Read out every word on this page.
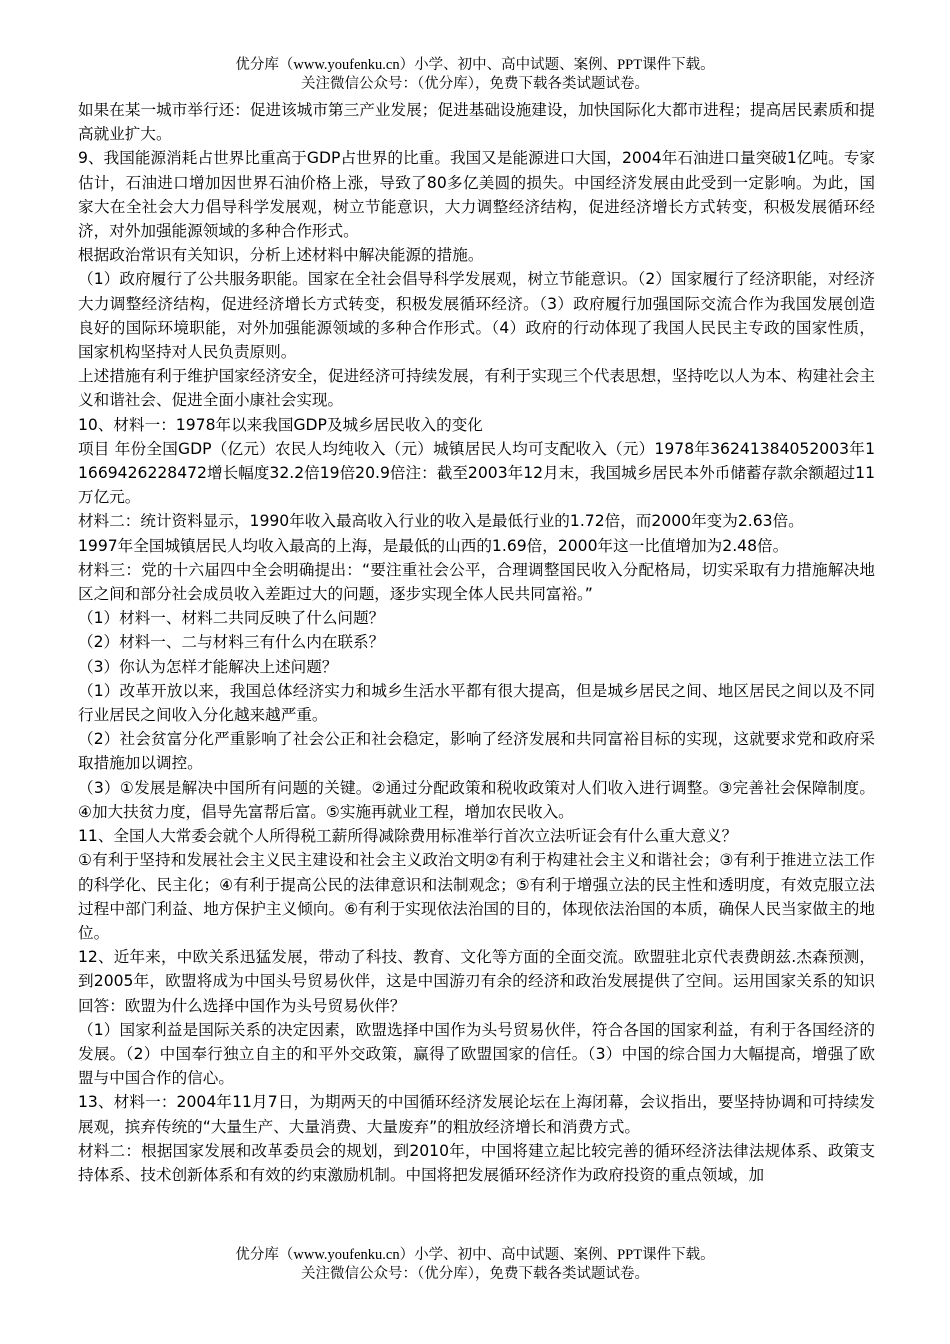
优分库（www.youfenku.cn）小学、初中、高中试题、案例、PPT课件下载。
关注微信公众号：（优分库），免费下载各类试题试卷。

如果在某一城市举行还：促进该城市第三产业发展；促进基础设施建设，加快国际化大都市进程；提高居民素质和提高就业扩大。

9、我国能源消耗占世界比重高于GDP占世界的比重。我国又是能源进口大国，2004年石油进口量突破1亿吨。专家估计，石油进口增加因世界石油价格上涨，导致了80多亿美圆的损失。中国经济发展由此受到一定影响。为此，国家大在全社会大力倡导科学发展观，树立节能意识，大力调整经济结构，促进经济增长方式转变，积极发展循环经济，对外加强能源领域的多种合作形式。

根据政治常识有关知识，分析上述材料中解决能源的措施。

（1）政府履行了公共服务职能。国家在全社会倡导科学发展观，树立节能意识。（2）国家履行了经济职能，对经济大力调整经济结构，促进经济增长方式转变，积极发展循环经济。（3）政府履行加强国际交流合作为我国发展创造良好的国际环境职能，对外加强能源领域的多种合作形式。（4）政府的行动体现了我国人民民主专政的国家性质，国家机构坚持对人民负责原则。

上述措施有利于维护国家经济安全，促进经济可持续发展，有利于实现三个代表思想，坚持吃以人为本、构建社会主义和谐社会、促进全面小康社会实现。

10、材料一：1978年以来我国GDP及城乡居民收入的变化

项目 年份全国GDP（亿元）农民人均纯收入（元）城镇居民人均可支配收入（元）1978年36241384052003年11669426228472增长幅度32.2倍19倍20.9倍注：截至2003年12月末，我国城乡居民本外币储蓄存款余额超过11万亿元。

材料二：统计资料显示，1990年收入最高收入行业的收入是最低行业的1.72倍，而2000年变为2.63倍。

1997年全国城镇居民人均收入最高的上海，是最低的山西的1.69倍，2000年这一比值增加为2.48倍。

材料三：党的十六届四中全会明确提出：“要注重社会公平，合理调整国民收入分配格局，切实采取有力措施解决地区之间和部分社会成员收入差距过大的问题，逐步实现全体人民共同富裕。”

（1）材料一、材料二共同反映了什么问题？

（2）材料一、二与材料三有什么内在联系？

（3）你认为怎样才能解决上述问题？

（1）改革开放以来，我国总体经济实力和城乡生活水平都有很大提高，但是城乡居民之间、地区居民之间以及不同行业居民之间收入分化越来越严重。

（2）社会贫富分化严重影响了社会公正和社会稳定，影响了经济发展和共同富裕目标的实现，这就要求党和政府采取措施加以调控。

（3）①发展是解决中国所有问题的关键。②通过分配政策和税收政策对人们收入进行调整。③完善社会保障制度。④加大扶贫力度，倡导先富帮后富。⑤实施再就业工程，增加农民收入。

11、全国人大常委会就个人所得税工薪所得减除费用标准举行首次立法听证会有什么重大意义？

①有利于坚持和发展社会主义民主建设和社会主义政治文明②有利于构建社会主义和谐社会；③有利于推进立法工作的科学化、民主化；④有利于提高公民的法律意识和法制观念；⑤有利于增强立法的民主性和透明度，有效克服立法过程中部门利益、地方保护主义倾向。⑥有利于实现依法治国的目的，体现依法治国的本质，确保人民当家做主的地位。

12、近年来，中欧关系迅猛发展，带动了科技、教育、文化等方面的全面交流。欧盟驻北京代表费朗兹.杰森预测，到2005年，欧盟将成为中国头号贸易伙伴，这是中国游刃有余的经济和政治发展提供了空间。运用国家关系的知识回答：欧盟为什么选择中国作为头号贸易伙伴？

（1）国家利益是国际关系的决定因素，欧盟选择中国作为头号贸易伙伴，符合各国的国家利益，有利于各国经济的发展。（2）中国奉行独立自主的和平外交政策，赢得了欧盟国家的信任。（3）中国的综合国力大幅提高，增强了欧盟与中国合作的信心。

13、材料一：2004年11月7日，为期两天的中国循环经济发展论坛在上海闭幕，会议指出，要坚持协调和可持续发展观，摈弃传统的“大量生产、大量消费、大量废弃”的粗放经济增长和消费方式。

材料二：根据国家发展和改革委员会的规划，到2010年，中国将建立起比较完善的循环经济法律法规体系、政策支持体系、技术创新体系和有效的约束激励机制。中国将把发展循环经济作为政府投资的重点领域，加

优分库（www.youfenku.cn）小学、初中、高中试题、案例、PPT课件下载。
关注微信公众号：（优分库），免费下载各类试题试卷。
